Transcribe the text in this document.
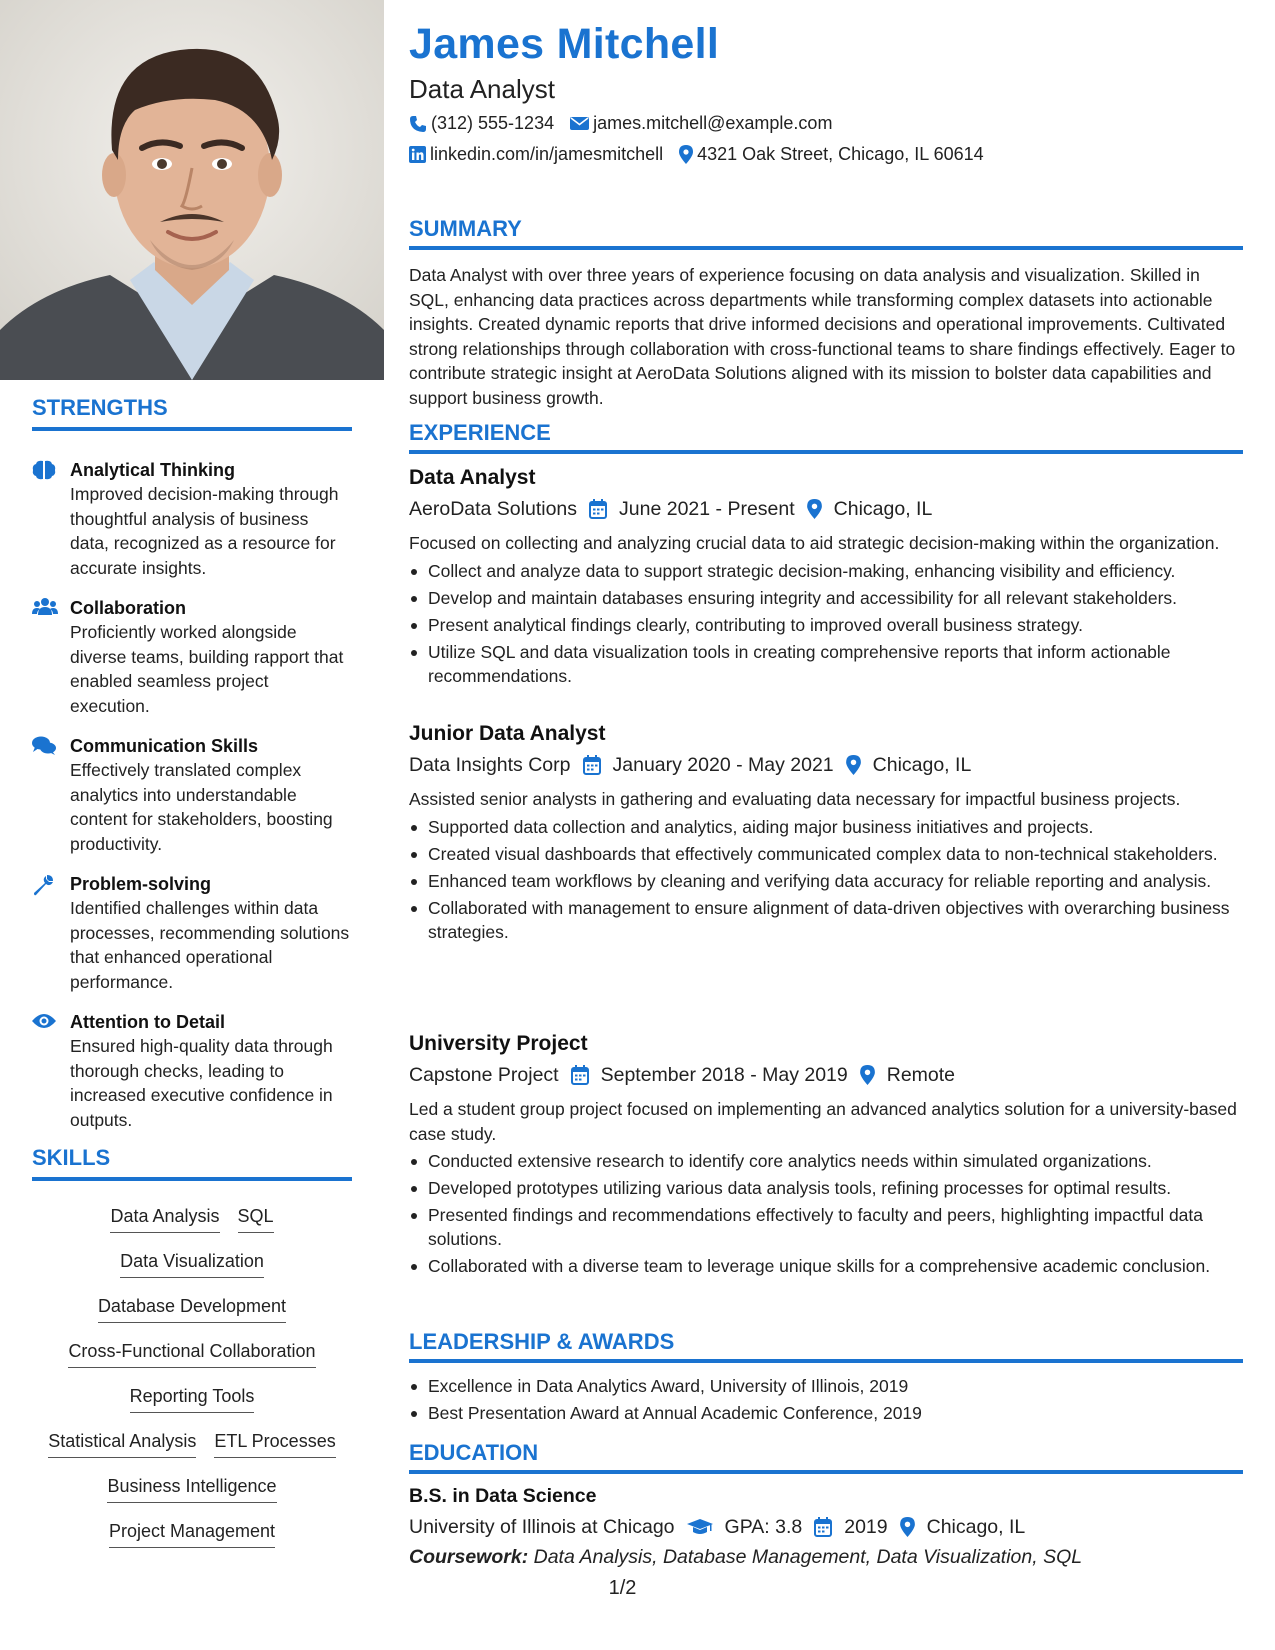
STRENGTHS
Analytical Thinking
Improved decision-making through thoughtful analysis of business data, recognized as a resource for accurate insights.
Collaboration
Proficiently worked alongside diverse teams, building rapport that enabled seamless project execution.
Communication Skills
Effectively translated complex analytics into understandable content for stakeholders, boosting productivity.
Problem-solving
Identified challenges within data processes, recommending solutions that enhanced operational performance.
Attention to Detail
Ensured high-quality data through thorough checks, leading to increased executive confidence in outputs.
SKILLS
Data Analysis SQL
Data Visualization
Database Development
Cross-Functional Collaboration
Reporting Tools
Statistical Analysis ETL Processes
Business Intelligence
Project Management
James Mitchell
Data Analyst
(312) 555-1234 james.mitchell@example.com
linkedin.com/in/jamesmitchell 4321 Oak Street, Chicago, IL 60614
SUMMARY
Data Analyst with over three years of experience focusing on data analysis and visualization. Skilled in SQL, enhancing data practices across departments while transforming complex datasets into actionable insights. Created dynamic reports that drive informed decisions and operational improvements. Cultivated strong relationships through collaboration with cross-functional teams to share findings effectively. Eager to contribute strategic insight at AeroData Solutions aligned with its mission to bolster data capabilities and support business growth.
EXPERIENCE
Data Analyst
AeroData Solutions June 2021 - Present Chicago, IL
Focused on collecting and analyzing crucial data to aid strategic decision-making within the organization.
Collect and analyze data to support strategic decision-making, enhancing visibility and efficiency.
Develop and maintain databases ensuring integrity and accessibility for all relevant stakeholders.
Present analytical findings clearly, contributing to improved overall business strategy.
Utilize SQL and data visualization tools in creating comprehensive reports that inform actionable recommendations.
Junior Data Analyst
Data Insights Corp January 2020 - May 2021 Chicago, IL
Assisted senior analysts in gathering and evaluating data necessary for impactful business projects.
Supported data collection and analytics, aiding major business initiatives and projects.
Created visual dashboards that effectively communicated complex data to non-technical stakeholders.
Enhanced team workflows by cleaning and verifying data accuracy for reliable reporting and analysis.
Collaborated with management to ensure alignment of data-driven objectives with overarching business strategies.
University Project
Capstone Project September 2018 - May 2019 Remote
Led a student group project focused on implementing an advanced analytics solution for a university-based case study.
Conducted extensive research to identify core analytics needs within simulated organizations.
Developed prototypes utilizing various data analysis tools, refining processes for optimal results.
Presented findings and recommendations effectively to faculty and peers, highlighting impactful data solutions.
Collaborated with a diverse team to leverage unique skills for a comprehensive academic conclusion.
LEADERSHIP & AWARDS
Excellence in Data Analytics Award, University of Illinois, 2019
Best Presentation Award at Annual Academic Conference, 2019
EDUCATION
B.S. in Data Science
University of Illinois at Chicago	GPA: 3.8 2019 Chicago, IL
Coursework: Data Analysis, Database Management, Data Visualization, SQL
1/2
